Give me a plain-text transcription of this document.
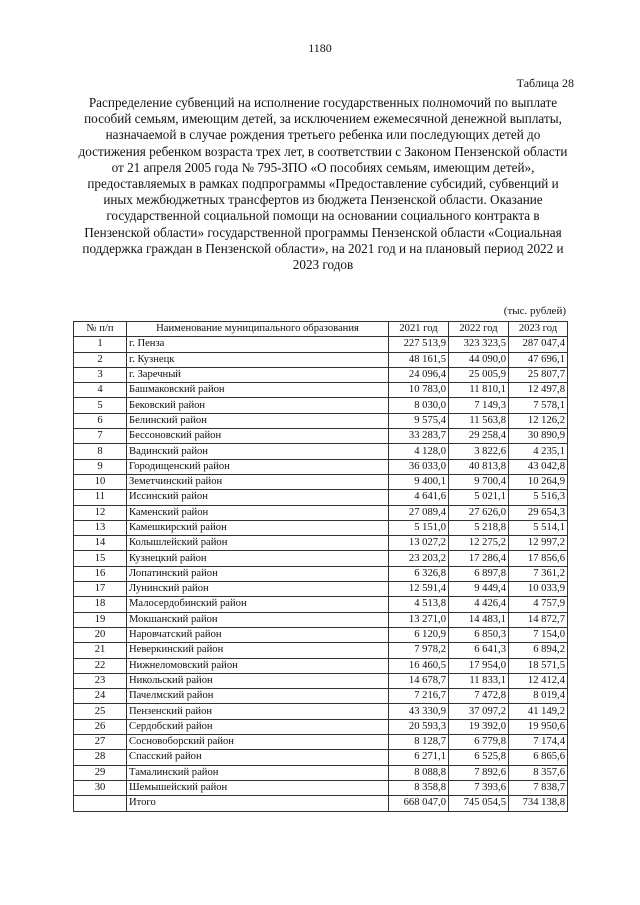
1180
Таблица 28
Распределение субвенций на исполнение государственных полномочий по выплате пособий семьям, имеющим детей, за исключением ежемесячной денежной выплаты, назначаемой в случае рождения третьего ребенка или последующих детей до достижения ребенком возраста трех лет, в соответствии с Законом Пензенской области от 21 апреля 2005 года № 795-ЗПО «О пособиях семьям, имеющим детей», предоставляемых в рамках подпрограммы «Предоставление субсидий, субвенций и иных межбюджетных трансфертов из бюджета Пензенской области. Оказание государственной социальной помощи на основании социального контракта в Пензенской области» государственной программы Пензенской области «Социальная поддержка граждан в Пензенской области», на 2021 год и на плановый период 2022 и 2023 годов
(тыс. рублей)
№ п/п	Наименование муниципального образования	2021 год	2022 год	2023 год
1	г. Пенза	227 513,9	323 323,5	287 047,4
2	г. Кузнецк	48 161,5	44 090,0	47 696,1
3	г. Заречный	24 096,4	25 005,9	25 807,7
4	Башмаковский район	10 783,0	11 810,1	12 497,8
5	Бековский район	8 030,0	7 149,3	7 578,1
6	Белинский район	9 575,4	11 563,8	12 126,2
7	Бессоновский район	33 283,7	29 258,4	30 890,9
8	Вадинский район	4 128,0	3 822,6	4 235,1
9	Городищенский район	36 033,0	40 813,8	43 042,8
10	Земетчинский район	9 400,1	9 700,4	10 264,9
11	Иссинский район	4 641,6	5 021,1	5 516,3
12	Каменский район	27 089,4	27 626,0	29 654,3
13	Камешкирский район	5 151,0	5 218,8	5 514,1
14	Колышлейский район	13 027,2	12 275,2	12 997,2
15	Кузнецкий район	23 203,2	17 286,4	17 856,6
16	Лопатинский район	6 326,8	6 897,8	7 361,2
17	Лунинский район	12 591,4	9 449,4	10 033,9
18	Малосердобинский район	4 513,8	4 426,4	4 757,9
19	Мокшанский район	13 271,0	14 483,1	14 872,7
20	Наровчатский район	6 120,9	6 850,3	7 154,0
21	Неверкинский район	7 978,2	6 641,3	6 894,2
22	Нижнеломовский район	16 460,5	17 954,0	18 571,5
23	Никольский район	14 678,7	11 833,1	12 412,4
24	Пачелмский район	7 216,7	7 472,8	8 019,4
25	Пензенский район	43 330,9	37 097,2	41 149,2
26	Сердобский район	20 593,3	19 392,0	19 950,6
27	Сосновоборский район	8 128,7	6 779,8	7 174,4
28	Спасский район	6 271,1	6 525,8	6 865,6
29	Тамалинский район	8 088,8	7 892,6	8 357,6
30	Шемышейский район	8 358,8	7 393,6	7 838,7
	Итого	668 047,0	745 054,5	734 138,8
